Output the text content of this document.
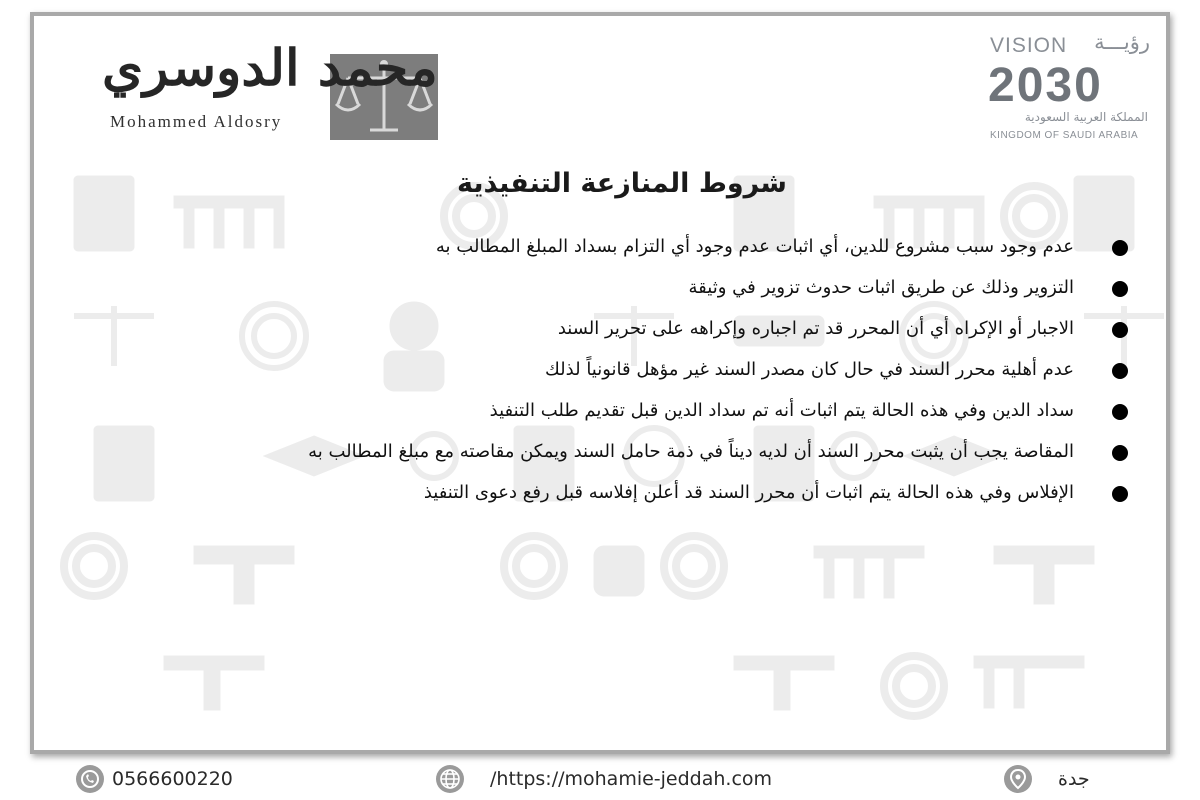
محمد الدوسري
Mohammed Aldosry
VISION رؤيـــة
2030
المملكة العربية السعودية
KINGDOM OF SAUDI ARABIA
شروط المنازعة التنفيذية
عدم وجود سبب مشروع للدين، أي اثبات عدم وجود أي التزام بسداد المبلغ المطالب به
التزوير وذلك عن طريق اثبات حدوث تزوير في وثيقة
الاجبار أو الإكراه أي أن المحرر قد تم اجباره وإكراهه على تحرير السند
عدم أهلية محرر السند في حال كان مصدر السند غير مؤهل قانونياً لذلك
سداد الدين وفي هذه الحالة يتم اثبات أنه تم سداد الدين قبل تقديم طلب التنفيذ
المقاصة يجب أن يثبت محرر السند أن لديه ديناً في ذمة حامل السند ويمكن مقاصته مع مبلغ المطالب به
الإفلاس وفي هذه الحالة يتم اثبات أن محرر السند قد أعلن إفلاسه قبل رفع دعوى التنفيذ
0566600220	/https://mohamie-jeddah.com	جدة
